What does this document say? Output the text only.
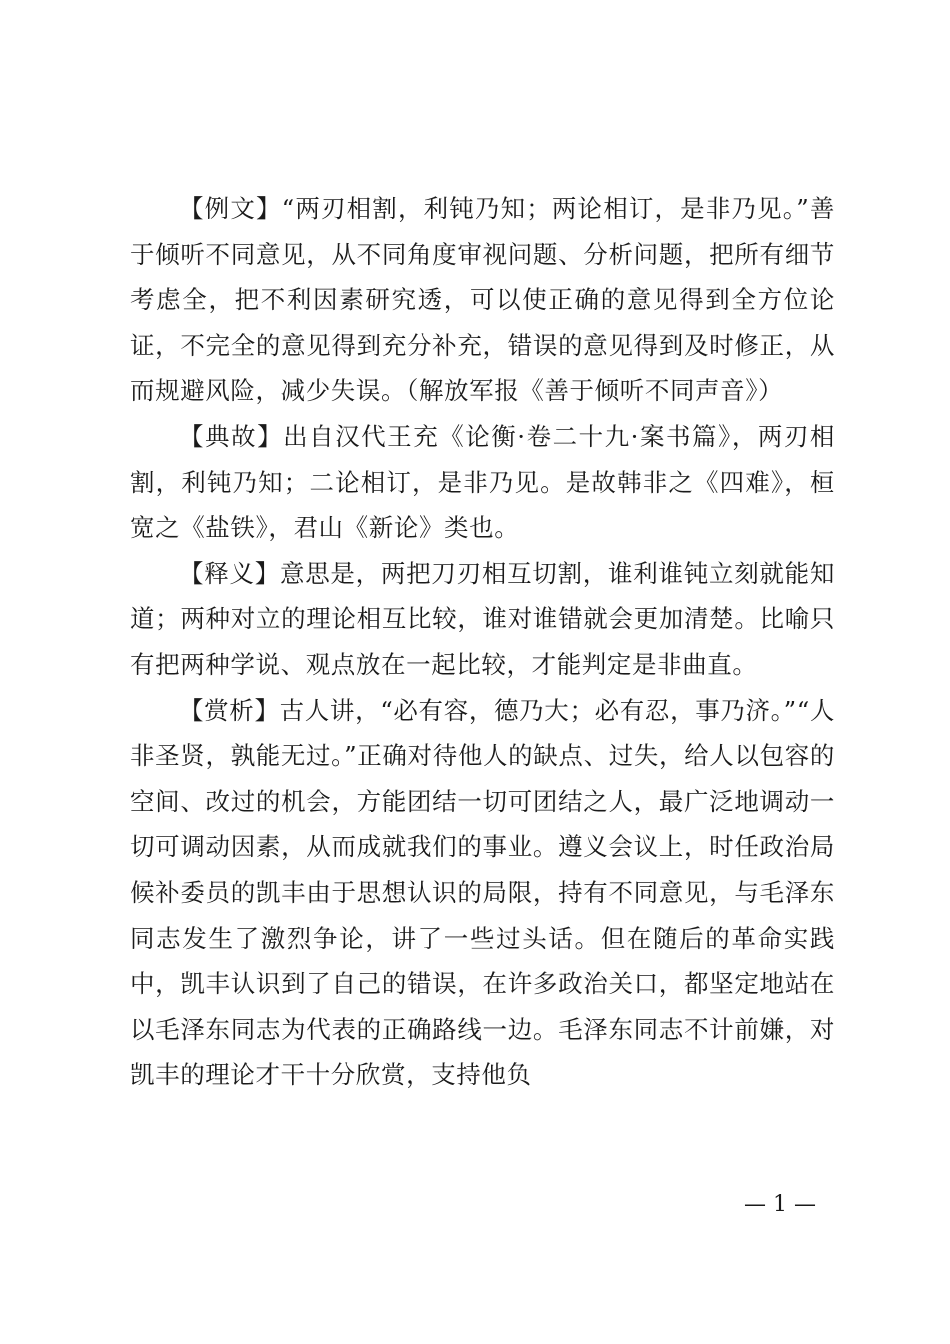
【例文】“两刃相割，利钝乃知；两论相订，是非乃见。”善于倾听不同意见，从不同角度审视问题、分析问题，把所有细节考虑全，把不利因素研究透，可以使正确的意见得到全方位论证，不完全的意见得到充分补充，错误的意见得到及时修正，从而规避风险，减少失误。（解放军报《善于倾听不同声音》）

【典故】出自汉代王充《论衡·卷二十九·案书篇》，两刃相割，利钝乃知；二论相订，是非乃见。是故韩非之《四难》，桓宽之《盐铁》，君山《新论》类也。

【释义】意思是，两把刀刃相互切割，谁利谁钝立刻就能知道；两种对立的理论相互比较，谁对谁错就会更加清楚。比喻只有把两种学说、观点放在一起比较，才能判定是非曲直。

【赏析】古人讲，“必有容，德乃大；必有忍，事乃济。”“人非圣贤，孰能无过。”正确对待他人的缺点、过失，给人以包容的空间、改过的机会，方能团结一切可团结之人，最广泛地调动一切可调动因素，从而成就我们的事业。遵义会议上，时任政治局候补委员的凯丰由于思想认识的局限，持有不同意见，与毛泽东同志发生了激烈争论，讲了一些过头话。但在随后的革命实践中，凯丰认识到了自己的错误，在许多政治关口，都坚定地站在以毛泽东同志为代表的正确路线一边。毛泽东同志不计前嫌，对凯丰的理论才干十分欣赏，支持他负

— 1 —
